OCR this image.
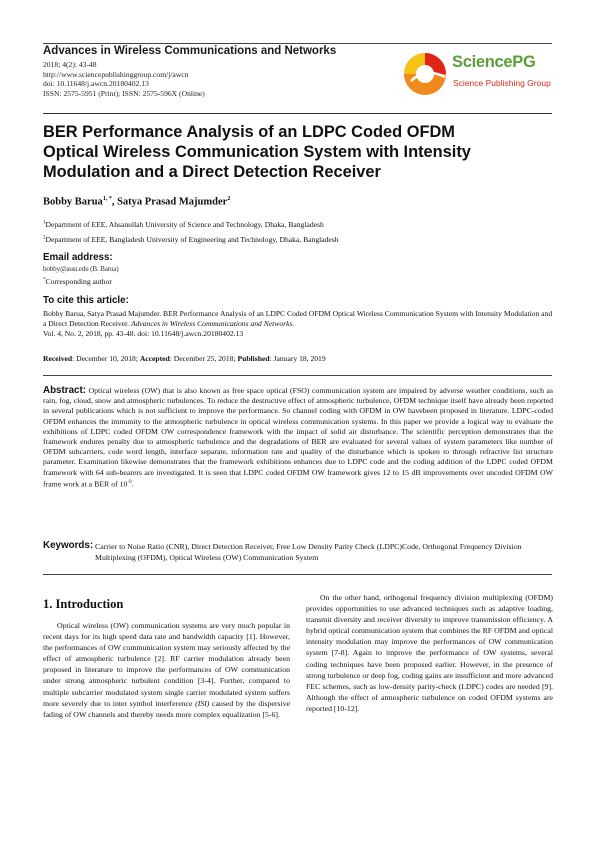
Advances in Wireless Communications and Networks
2018; 4(2): 43-48
http://www.sciencepublishinggroup.com/j/awcn
doi: 10.11648/j.awcn.20180402.13
ISSN: 2575-5951 (Print); ISSN: 2575-596X (Online)
SciencePG
Science Publishing Group
BER Performance Analysis of an LDPC Coded OFDM Optical Wireless Communication System with Intensity Modulation and a Direct Detection Receiver
Bobby Barua$^{1, *}$, Satya Prasad Majumder$^2$
$^1$Department of EEE, Ahsanullah University of Science and Technology, Dhaka, Bangladesh
$^2$Department of EEE, Bangladesh University of Engineering and Technology, Dhaka, Bangladesh
Email address:
bobby@aust.edu (B. Barua)
*Corresponding author
To cite this article:
Bobby Barua, Satya Prasad Majumder. BER Performance Analysis of an LDPC Coded OFDM Optical Wireless Communication System with Intensity Modulation and a Direct Detection Receiver. Advances in Wireless Communications and Networks.
Vol. 4, No. 2, 2018, pp. 43-48. doi: 10.11648/j.awcn.20180402.13
Received: December 10, 2018; Accepted: December 25, 2018; Published: January 18, 2019
Abstract: Optical wireless (OW) that is also known as free space optical (FSO) communication system are impaired by adverse weather conditions, such as rain, fog, cloud, snow and atmospheric turbulences. To reduce the destructive effect of atmospheric turbulence, OFDM technique itself have already been reported in several publications which is not sufficient to improve the performance. So channel coding with OFDM in OW havebeen proposed in literature. LDPC-coded OFDM enhances the immunity to the atmospheric turbulence in optical wireless communication systems. In this paper we provide a logical way to evaluate the exhibitions of LDPC coded OFDM OW correspondence framework with the impact of solid air disturbance. The scientific perception demonstrates that the framework endures penalty due to atmospheric turbulence and the degradations of BER are evaluated for several values of system parameters like number of OFDM subcarriers, code word length, interface separate, information rate and quality of the disturbance which is spoken to through refractive list structure parameter. Examination likewise demonstrates that the framework exhibitions enhances due to LDPC code and the coding addition of the LDPC coded OFDM framework with 64 sub-bearers are investigated. It is seen that LDPC coded OFDM OW framework gives 12 to 15 dB improvements over uncoded OFDM OW frame work at a BER of $10^{-9}$.
Keywords: Carrier to Noise Ratio (CNR), Direct Detection Receiver, Free Low Density Parity Check (LDPC)Code, Orthogonal Frequency Division Multiplexing (OFDM), Optical Wireless (OW) Communication System
1. Introduction
Optical wireless (OW) communication systems are very much popular in recent days for its high speed data rate and bandwidth capacity [1]. However, the performances of OW communication system may seriously affected by the effect of atmospheric turbulence [2]. RF carrier modulation already been proposed in literature to improve the performances of OW communication under strong atmospheric turbulent condition [3-4]. Further, compared to multiple subcarrier modulated system single carrier modulated system suffers more severely due to inter symbol interference (ISI) caused by the dispersive fading of OW channels and thereby needs more complex equalization [5-6].
On the other hand, orthogonal frequency division multiplexing (OFDM) provides opportunities to use advanced techniques such as adaptive loading, transmit diversity and receiver diversity to improve transmission efficiency. A hybrid optical communication system that combines the RF OFDM and optical intensity modulation may improve the performances of OW communication system [7-8]. Again to improve the performance of OW systems, several coding techniques have been proposed earlier. However, in the presence of strong turbulence or deep fog, coding gains are insufficient and more advanced FEC schemes, such as low-density parity-check (LDPC) codes are needed [9]. Although the effect of atmospheric turbulence on coded OFDM systems are reported [10-12].
